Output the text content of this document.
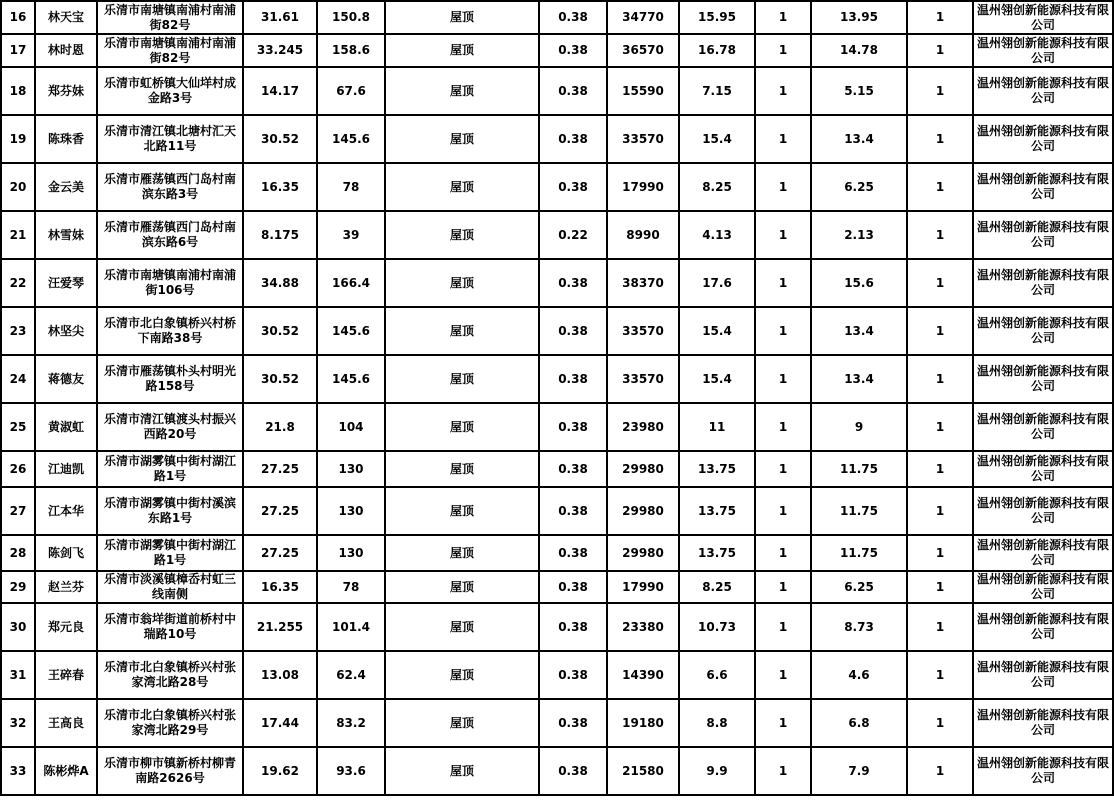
16	林天宝	乐清市南塘镇南浦村南浦街82号	31.61	150.8	屋顶	0.38	34770	15.95	1	13.95	1	温州翎创新能源科技有限公司
17	林时恩	乐清市南塘镇南浦村南浦街82号	33.245	158.6	屋顶	0.38	36570	16.78	1	14.78	1	温州翎创新能源科技有限公司
18	郑芬妹	乐清市虹桥镇大仙垟村成金路3号	14.17	67.6	屋顶	0.38	15590	7.15	1	5.15	1	温州翎创新能源科技有限公司
19	陈珠香	乐清市清江镇北塘村汇天北路11号	30.52	145.6	屋顶	0.38	33570	15.4	1	13.4	1	温州翎创新能源科技有限公司
20	金云美	乐清市雁荡镇西门岛村南滨东路3号	16.35	78	屋顶	0.38	17990	8.25	1	6.25	1	温州翎创新能源科技有限公司
21	林雪妹	乐清市雁荡镇西门岛村南滨东路6号	8.175	39	屋顶	0.22	8990	4.13	1	2.13	1	温州翎创新能源科技有限公司
22	汪爱琴	乐清市南塘镇南浦村南浦街106号	34.88	166.4	屋顶	0.38	38370	17.6	1	15.6	1	温州翎创新能源科技有限公司
23	林坚尖	乐清市北白象镇桥兴村桥下南路38号	30.52	145.6	屋顶	0.38	33570	15.4	1	13.4	1	温州翎创新能源科技有限公司
24	蒋德友	乐清市雁荡镇朴头村明光路158号	30.52	145.6	屋顶	0.38	33570	15.4	1	13.4	1	温州翎创新能源科技有限公司
25	黄淑虹	乐清市清江镇渡头村振兴西路20号	21.8	104	屋顶	0.38	23980	11	1	9	1	温州翎创新能源科技有限公司
26	江迪凯	乐清市湖雾镇中街村湖江路1号	27.25	130	屋顶	0.38	29980	13.75	1	11.75	1	温州翎创新能源科技有限公司
27	江本华	乐清市湖雾镇中街村溪滨东路1号	27.25	130	屋顶	0.38	29980	13.75	1	11.75	1	温州翎创新能源科技有限公司
28	陈剑飞	乐清市湖雾镇中街村湖江路1号	27.25	130	屋顶	0.38	29980	13.75	1	11.75	1	温州翎创新能源科技有限公司
29	赵兰芬	乐清市淡溪镇樟岙村虹三线南侧	16.35	78	屋顶	0.38	17990	8.25	1	6.25	1	温州翎创新能源科技有限公司
30	郑元良	乐清市翁垟街道前桥村中瑞路10号	21.255	101.4	屋顶	0.38	23380	10.73	1	8.73	1	温州翎创新能源科技有限公司
31	王碎春	乐清市北白象镇桥兴村张家湾北路28号	13.08	62.4	屋顶	0.38	14390	6.6	1	4.6	1	温州翎创新能源科技有限公司
32	王高良	乐清市北白象镇桥兴村张家湾北路29号	17.44	83.2	屋顶	0.38	19180	8.8	1	6.8	1	温州翎创新能源科技有限公司
33	陈彬烨A	乐清市柳市镇新桥村柳青南路2626号	19.62	93.6	屋顶	0.38	21580	9.9	1	7.9	1	温州翎创新能源科技有限公司
